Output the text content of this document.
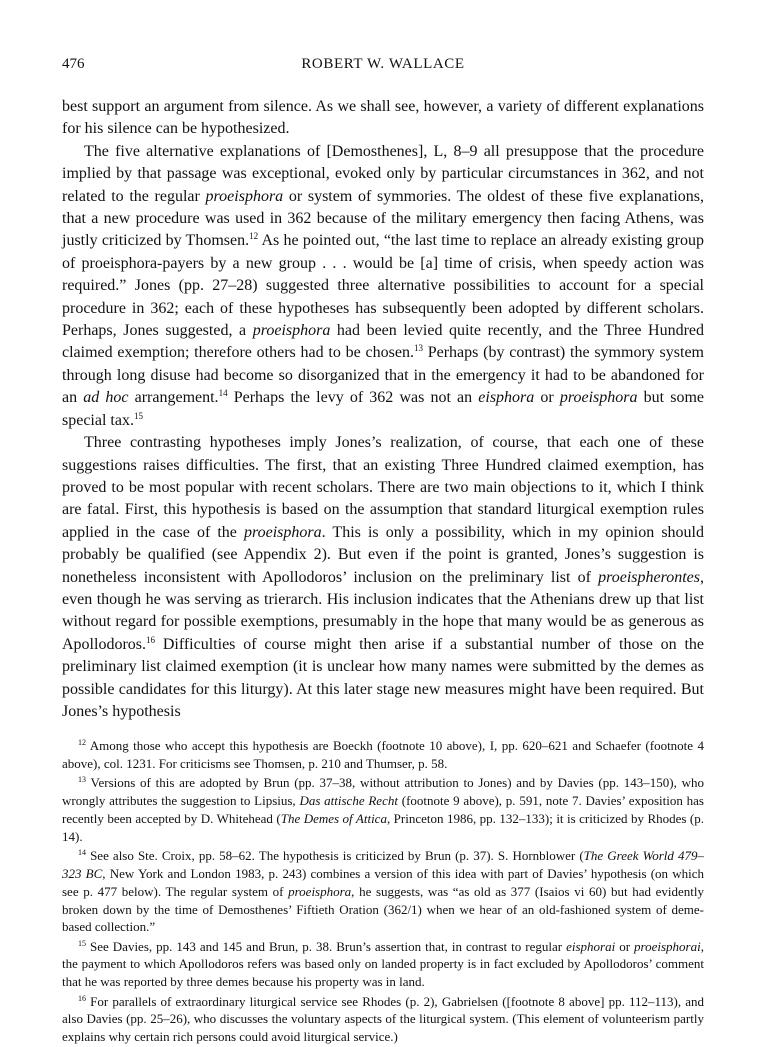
476	ROBERT W. WALLACE

best support an argument from silence. As we shall see, however, a variety of different explanations for his silence can be hypothesized.

The five alternative explanations of [Demosthenes], L, 8–9 all presuppose that the procedure implied by that passage was exceptional, evoked only by particular circumstances in 362, and not related to the regular proeisphora or system of symmories. The oldest of these five explanations, that a new procedure was used in 362 because of the military emergency then facing Athens, was justly criticized by Thomsen.$^{12}$ As he pointed out, “the last time to replace an already existing group of proeisphora-payers by a new group . . . would be [a] time of crisis, when speedy action was required.” Jones (pp. 27–28) suggested three alternative possibilities to account for a special procedure in 362; each of these hypotheses has subsequently been adopted by different scholars. Perhaps, Jones suggested, a proeisphora had been levied quite recently, and the Three Hundred claimed exemption; therefore others had to be chosen.$^{13}$ Perhaps (by contrast) the symmory system through long disuse had become so disorganized that in the emergency it had to be abandoned for an ad hoc arrangement.$^{14}$ Perhaps the levy of 362 was not an eisphora or proeisphora but some special tax.$^{15}$

Three contrasting hypotheses imply Jones’s realization, of course, that each one of these suggestions raises difficulties. The first, that an existing Three Hundred claimed exemption, has proved to be most popular with recent scholars. There are two main objections to it, which I think are fatal. First, this hypothesis is based on the assumption that standard liturgical exemption rules applied in the case of the proeisphora. This is only a possibility, which in my opinion should probably be qualified (see Appendix 2). But even if the point is granted, Jones’s suggestion is nonetheless inconsistent with Apollodoros’ inclusion on the preliminary list of proeispherontes, even though he was serving as trierarch. His inclusion indicates that the Athenians drew up that list without regard for possible exemptions, presumably in the hope that many would be as generous as Apollodoros.$^{16}$ Difficulties of course might then arise if a substantial number of those on the preliminary list claimed exemption (it is unclear how many names were submitted by the demes as possible candidates for this liturgy). At this later stage new measures might have been required. But Jones’s hypothesis

$^{12}$ Among those who accept this hypothesis are Boeckh (footnote 10 above), I, pp. 620–621 and Schaefer (footnote 4 above), col. 1231. For criticisms see Thomsen, p. 210 and Thumser, p. 58.

$^{13}$ Versions of this are adopted by Brun (pp. 37–38, without attribution to Jones) and by Davies (pp. 143–150), who wrongly attributes the suggestion to Lipsius, Das attische Recht (footnote 9 above), p. 591, note 7. Davies’ exposition has recently been accepted by D. Whitehead (The Demes of Attica, Princeton 1986, pp. 132–133); it is criticized by Rhodes (p. 14).

$^{14}$ See also Ste. Croix, pp. 58–62. The hypothesis is criticized by Brun (p. 37). S. Hornblower (The Greek World 479–323 BC, New York and London 1983, p. 243) combines a version of this idea with part of Davies’ hypothesis (on which see p. 477 below). The regular system of proeisphora, he suggests, was “as old as 377 (Isaios vi 60) but had evidently broken down by the time of Demosthenes’ Fiftieth Oration (362/1) when we hear of an old-fashioned system of deme-based collection.”

$^{15}$ See Davies, pp. 143 and 145 and Brun, p. 38. Brun’s assertion that, in contrast to regular eisphorai or proeisphorai, the payment to which Apollodoros refers was based only on landed property is in fact excluded by Apollodoros’ comment that he was reported by three demes because his property was in land.

$^{16}$ For parallels of extraordinary liturgical service see Rhodes (p. 2), Gabrielsen ([footnote 8 above] pp. 112–113), and also Davies (pp. 25–26), who discusses the voluntary aspects of the liturgical system. (This element of volunteerism partly explains why certain rich persons could avoid liturgical service.)
